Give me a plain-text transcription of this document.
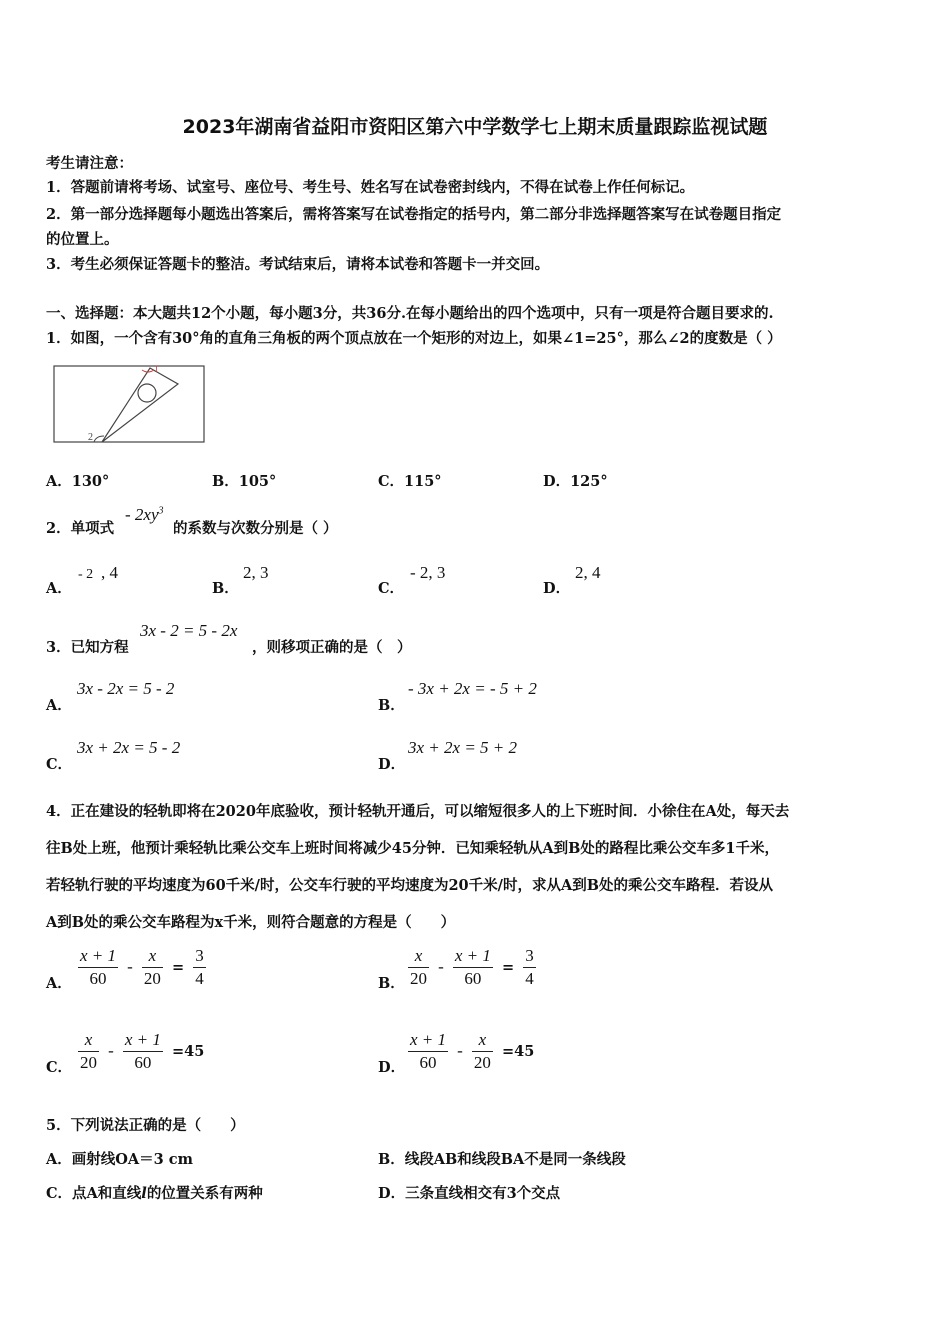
2023年湖南省益阳市资阳区第六中学数学七上期末质量跟踪监视试题
考生请注意：
1．答题前请将考场、试室号、座位号、考生号、姓名写在试卷密封线内，不得在试卷上作任何标记。
2．第一部分选择题每小题选出答案后，需将答案写在试卷指定的括号内，第二部分非选择题答案写在试卷题目指定
的位置上。
3．考生必须保证答题卡的整洁。考试结束后，请将本试卷和答题卡一并交回。
一、选择题：本大题共12个小题，每小题3分，共36分.在每小题给出的四个选项中，只有一项是符合题目要求的.
1．如图，一个含有30°角的直角三角板的两个顶点放在一个矩形的对边上，如果∠1=25°，那么∠2的度数是（ ）
1
2
A．130°	B．105°	C．115°	D．125°
2．单项式
- $2xy^3$
的系数与次数分别是（ ）
A．
- 2 , 4
B．
2, 3
C．
- 2, 3
D．
2, 4
3．已知方程
3x - 2 = 5 - 2x
，则移项正确的是（　）
A．
3x - 2x = 5 - 2
B．
- 3x + 2x = - 5 + 2
C．
3x + 2x = 5 - 2
D．
3x + 2x = 5 + 2
4．正在建设的轻轨即将在2020年底验收，预计轻轨开通后，可以缩短很多人的上下班时间．小徐住在A处，每天去
往B处上班，他预计乘轻轨比乘公交车上班时间将减少45分钟．已知乘轻轨从A到B处的路程比乘公交车多1千米，
若轻轨行驶的平均速度为60千米/时，公交车行驶的平均速度为20千米/时，求从A到B处的乘公交车路程．若设从
A到B处的乘公交车路程为x千米，则符合题意的方程是（　　）
A． $\frac{x + 1}{60} - \frac{x}{20} = \frac{3}{4}$	B． $\frac{x}{20} - \frac{x + 1}{60} = \frac{3}{4}$
C． $\frac{x}{20} - \frac{x + 1}{60} =45$
D． $\frac{x + 1}{60} - \frac{x}{20} =45$
5．下列说法正确的是（　　）
A．画射线OA＝3 cm	B．线段AB和线段BA不是同一条线段
C．点A和直线l的位置关系有两种	D．三条直线相交有3个交点
